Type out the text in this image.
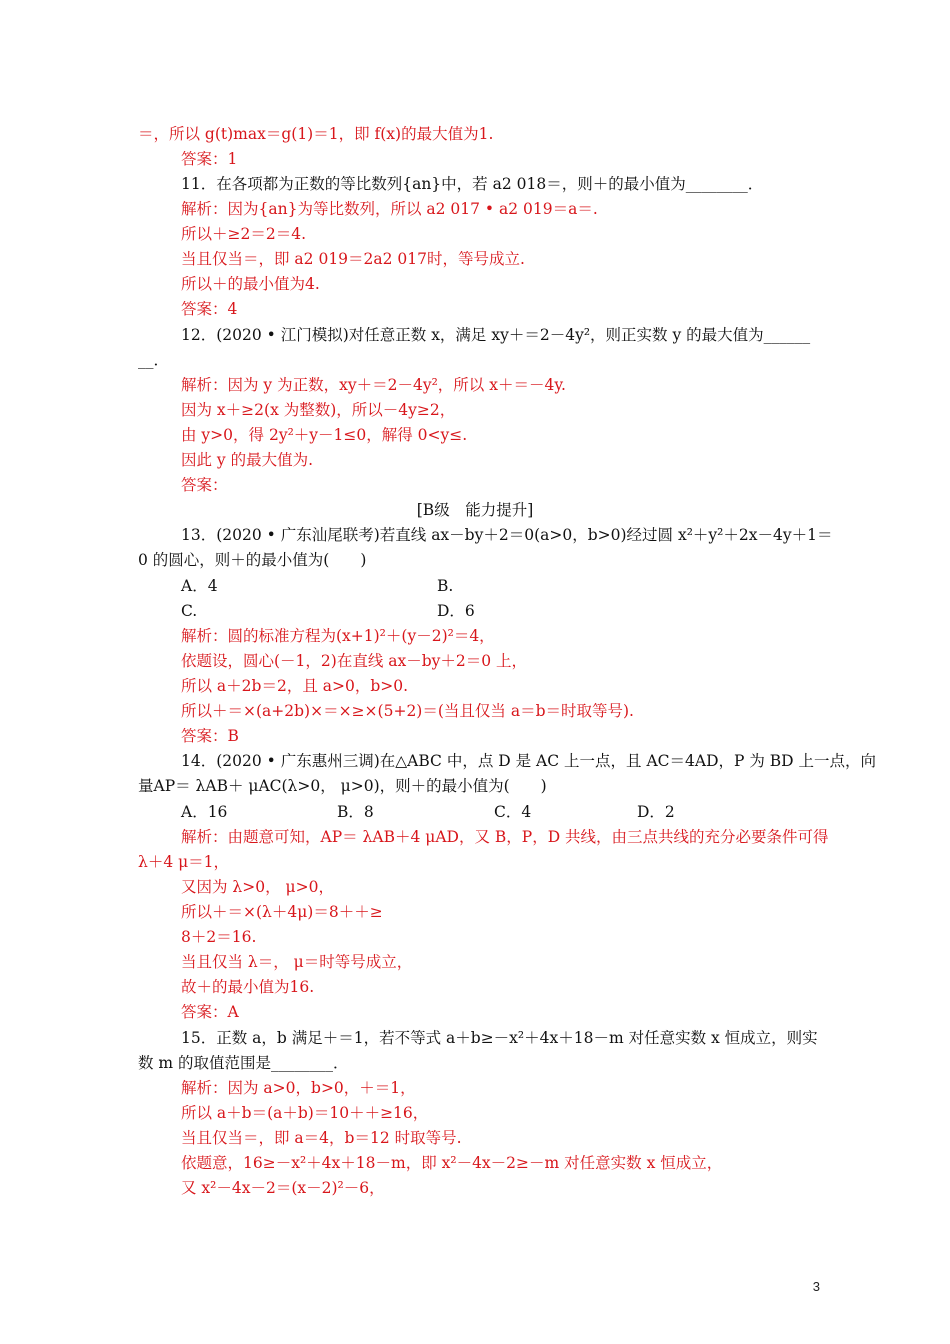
＝，所以 g(t)max＝g(1)＝1，即 f(x)的最大值为1.
答案：1
11．在各项都为正数的等比数列{an}中，若 a2 018＝，则＋的最小值为________．
解析：因为{an}为等比数列，所以 a2 017 • a2 019＝a＝.
所以＋≥2＝2＝4.
当且仅当＝，即 a2 019＝2a2 017时，等号成立.
所以＋的最小值为4.
答案：4
12．(2020 • 江门模拟)对任意正数 x，满足 xy＋＝2－4y²，则正实数 y 的最大值为______
__．
解析：因为 y 为正数，xy＋＝2－4y²，所以 x＋＝－4y.
因为 x＋≥2(x 为整数)，所以－4y≥2，
由 y>0，得 2y²＋y－1≤0，解得 0<y≤.
因此 y 的最大值为.
答案：
[B级　能力提升]
13．(2020 • 广东汕尾联考)若直线 ax－by＋2＝0(a>0，b>0)经过圆 x²＋y²＋2x－4y＋1＝
0 的圆心，则＋的最小值为(　　)
A．4	B.
C.	D．6
解析：圆的标准方程为(x+1)²＋(y－2)²＝4，
依题设，圆心(－1，2)在直线 ax－by＋2＝0 上，
所以 a＋2b＝2，且 a>0，b>0.
所以＋＝×(a+2b)×＝×≥×(5+2)＝(当且仅当 a＝b＝时取等号).
答案：B
14．(2020 • 广东惠州三调)在△ABC 中，点 D 是 AC 上一点，且 AC＝4AD，P 为 BD 上一点，向
量AP＝ λAB＋ μAC(λ>0， μ>0)，则＋的最小值为(　　)
A．16	B．8	C．4	D．2
解析：由题意可知，AP＝ λAB＋4 μAD，又 B，P，D 共线，由三点共线的充分必要条件可得
λ＋4 μ＝1，
又因为 λ>0， μ>0，
所以＋＝×(λ＋4μ)＝8＋＋≥
8＋2＝16.
当且仅当 λ＝， μ＝时等号成立，
故＋的最小值为16.
答案：A
15．正数 a，b 满足＋＝1，若不等式 a＋b≥－x²＋4x＋18－m 对任意实数 x 恒成立，则实
数 m 的取值范围是________．
解析：因为 a>0，b>0，＋＝1，
所以 a＋b＝(a＋b)＝10＋＋≥16，
当且仅当＝，即 a＝4，b＝12 时取等号.
依题意，16≥－x²＋4x＋18－m，即 x²－4x－2≥－m 对任意实数 x 恒成立，
又 x²－4x－2＝(x－2)²－6，
3
